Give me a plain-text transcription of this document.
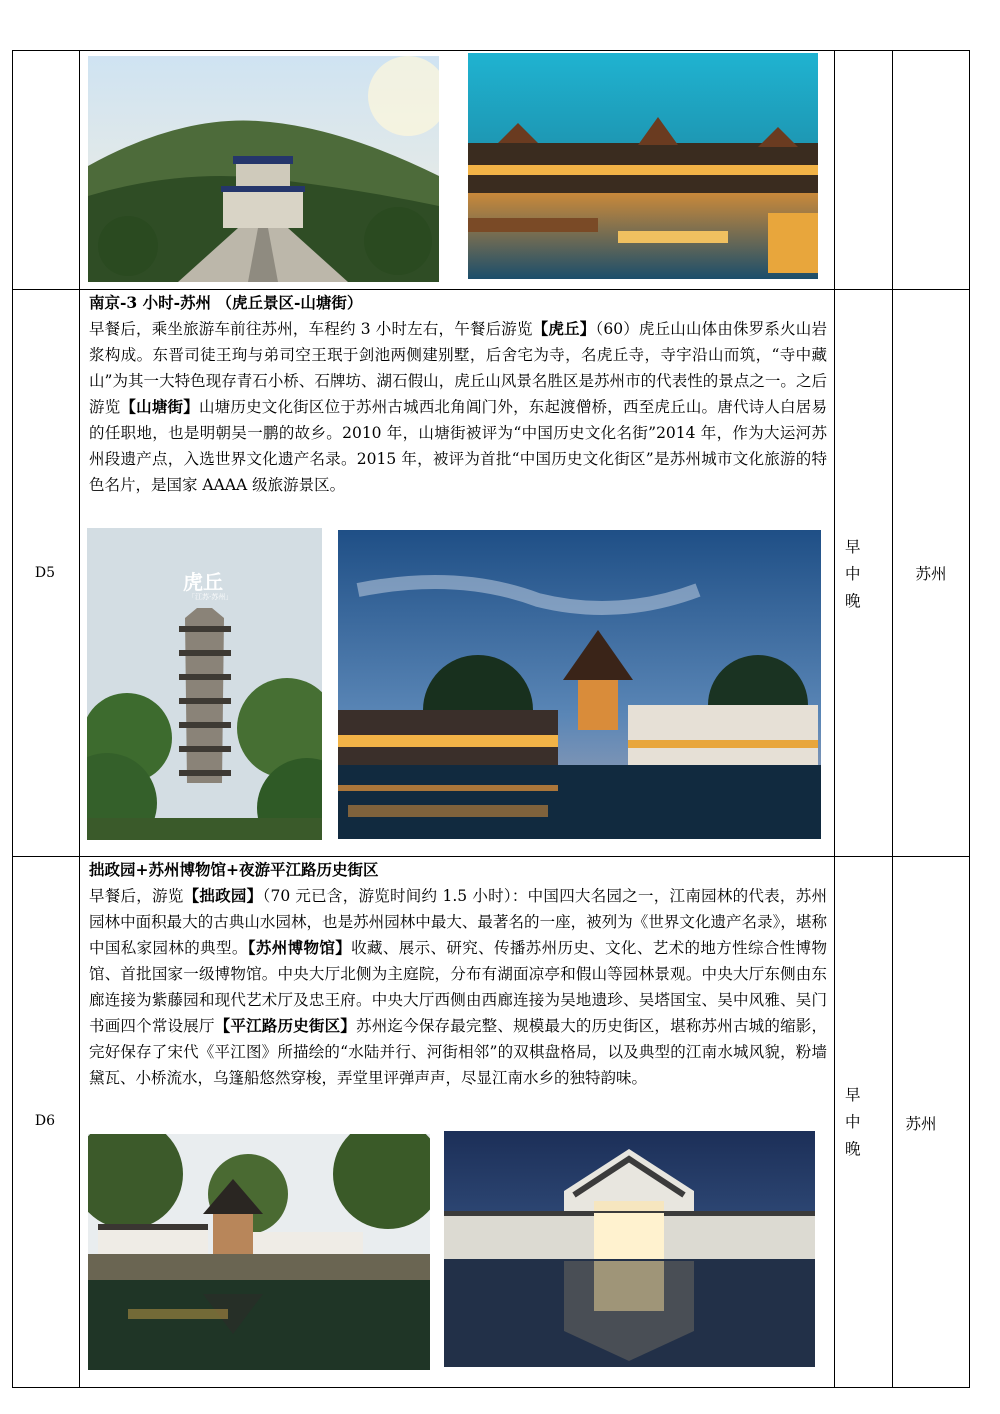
D5
南京-3 小时-苏州 （虎丘景区-山塘街）
早餐后，乘坐旅游车前往苏州，车程约 3 小时左右，午餐后游览【虎丘】（60）虎丘山山体由侏罗系火山岩浆构成。东晋司徒王珣与弟司空王珉于剑池两侧建别墅，后舍宅为寺，名虎丘寺，寺宇沿山而筑，“寺中藏山”为其一大特色现存青石小桥、石牌坊、湖石假山，虎丘山风景名胜区是苏州市的代表性的景点之一。之后游览【山塘街】山塘历史文化街区位于苏州古城西北角阊门外，东起渡僧桥，西至虎丘山。唐代诗人白居易的任职地，也是明朝吴一鹏的故乡。2010 年，山塘街被评为“中国历史文化名街”2014 年，作为大运河苏州段遗产点，入选世界文化遗产名录。2015 年，被评为首批“中国历史文化街区”是苏州城市文化旅游的特色名片，是国家 AAAA 级旅游景区。
虎丘
「江苏·苏州」
早
中
晚
苏州
D6
拙政园+苏州博物馆+夜游平江路历史街区
早餐后，游览【拙政园】（70 元已含，游览时间约 1.5 小时）：中国四大名园之一，江南园林的代表，苏州园林中面积最大的古典山水园林，也是苏州园林中最大、最著名的一座，被列为《世界文化遗产名录》，堪称中国私家园林的典型。【苏州博物馆】收藏、展示、研究、传播苏州历史、文化、艺术的地方性综合性博物馆、首批国家一级博物馆。中央大厅北侧为主庭院，分布有湖面凉亭和假山等园林景观。中央大厅东侧由东廊连接为紫藤园和现代艺术厅及忠王府。中央大厅西侧由西廊连接为吴地遗珍、吴塔国宝、吴中风雅、吴门书画四个常设展厅【平江路历史街区】苏州迄今保存最完整、规模最大的历史街区，堪称苏州古城的缩影，完好保存了宋代《平江图》所描绘的“水陆并行、河街相邻”的双棋盘格局，以及典型的江南水城风貌，粉墙黛瓦、小桥流水，乌篷船悠然穿梭，弄堂里评弹声声，尽显江南水乡的独特韵味。
早
中
晚
苏州
